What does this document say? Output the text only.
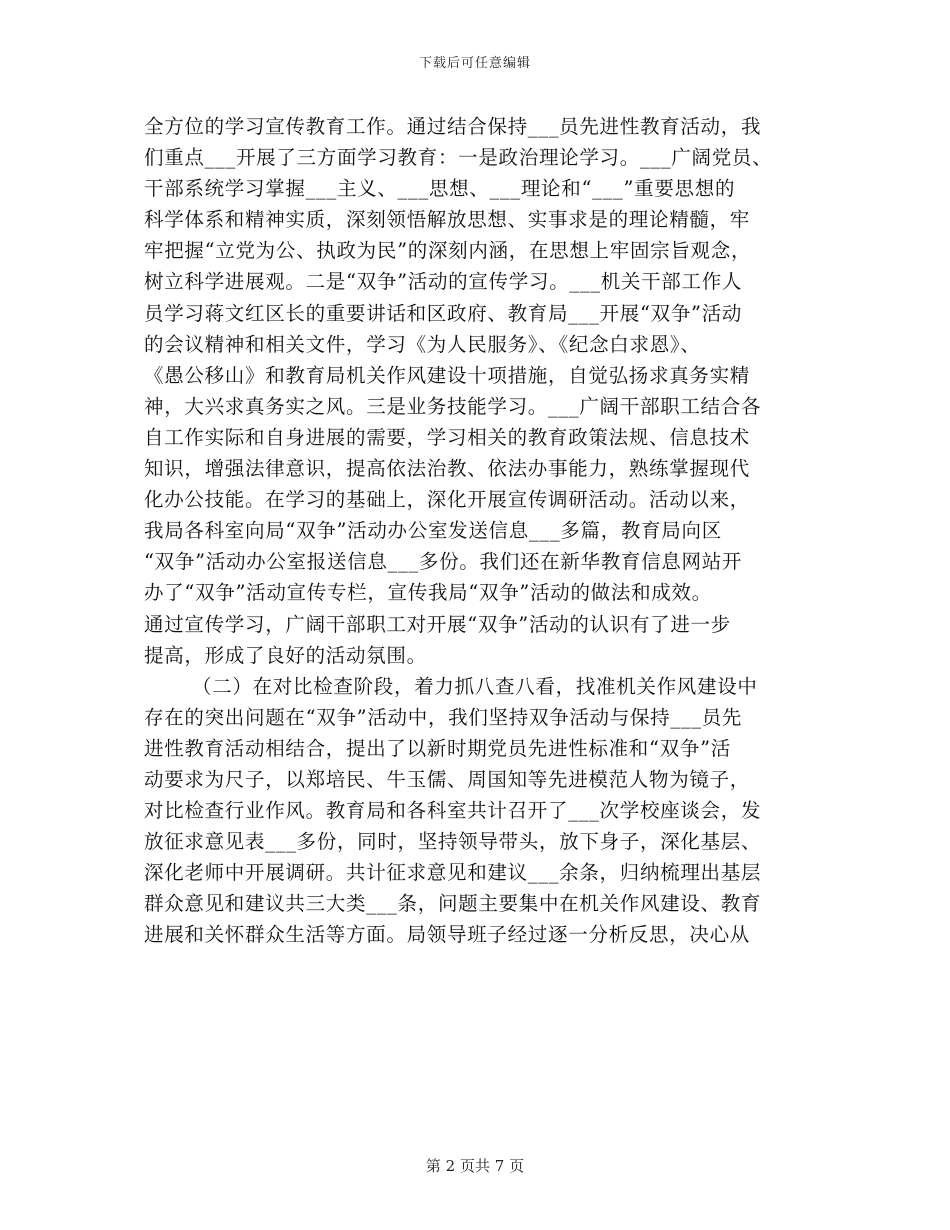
下载后可任意编辑
全方位的学习宣传教育工作。通过结合保持___员先进性教育活动，我
们重点___开展了三方面学习教育：一是政治理论学习。___广阔党员、
干部系统学习掌握___主义、___思想、___理论和“___”重要思想的
科学体系和精神实质，深刻领悟解放思想、实事求是的理论精髓，牢
牢把握“立党为公、执政为民”的深刻内涵，在思想上牢固宗旨观念，
树立科学进展观。二是“双争”活动的宣传学习。___机关干部工作人
员学习蒋文红区长的重要讲话和区政府、教育局___开展“双争”活动
的会议精神和相关文件，学习《为人民服务》、《纪念白求恩》、
《愚公移山》和教育局机关作风建设十项措施，自觉弘扬求真务实精
神，大兴求真务实之风。三是业务技能学习。___广阔干部职工结合各
自工作实际和自身进展的需要，学习相关的教育政策法规、信息技术
知识，增强法律意识，提高依法治教、依法办事能力，熟练掌握现代
化办公技能。在学习的基础上，深化开展宣传调研活动。活动以来，
我局各科室向局“双争”活动办公室发送信息___多篇，教育局向区
“双争”活动办公室报送信息___多份。我们还在新华教育信息网站开
办了“双争”活动宣传专栏，宣传我局“双争”活动的做法和成效。
通过宣传学习，广阔干部职工对开展“双争”活动的认识有了进一步
提高，形成了良好的活动氛围。
（二）在对比检查阶段，着力抓八查八看，找准机关作风建设中
存在的突出问题在“双争”活动中，我们坚持双争活动与保持___员先
进性教育活动相结合，提出了以新时期党员先进性标准和“双争”活
动要求为尺子，以郑培民、牛玉儒、周国知等先进模范人物为镜子，
对比检查行业作风。教育局和各科室共计召开了___次学校座谈会，发
放征求意见表___多份，同时，坚持领导带头，放下身子，深化基层、
深化老师中开展调研。共计征求意见和建议___余条，归纳梳理出基层
群众意见和建议共三大类___条，问题主要集中在机关作风建设、教育
进展和关怀群众生活等方面。局领导班子经过逐一分析反思，决心从
第 2 页共 7 页
